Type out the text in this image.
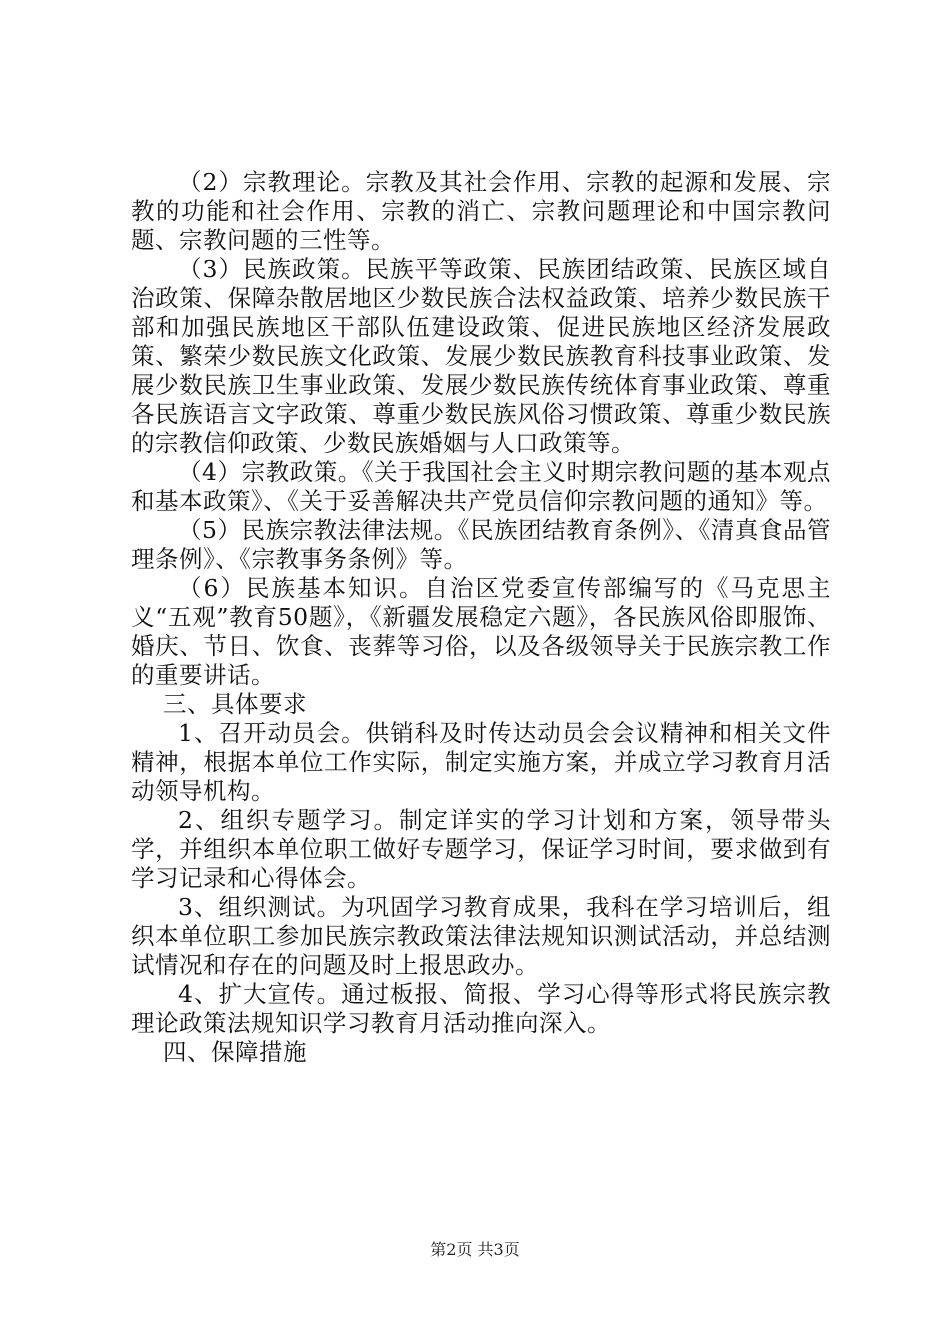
（2）宗教理论。宗教及其社会作用、宗教的起源和发展、宗教的功能和社会作用、宗教的消亡、宗教问题理论和中国宗教问题、宗教问题的三性等。

（3）民族政策。民族平等政策、民族团结政策、民族区域自治政策、保障杂散居地区少数民族合法权益政策、培养少数民族干部和加强民族地区干部队伍建设政策、促进民族地区经济发展政策、繁荣少数民族文化政策、发展少数民族教育科技事业政策、发展少数民族卫生事业政策、发展少数民族传统体育事业政策、尊重各民族语言文字政策、尊重少数民族风俗习惯政策、尊重少数民族的宗教信仰政策、少数民族婚姻与人口政策等。

（4）宗教政策。《关于我国社会主义时期宗教问题的基本观点和基本政策》、《关于妥善解决共产党员信仰宗教问题的通知》等。

（5）民族宗教法律法规。《民族团结教育条例》、《清真食品管理条例》、《宗教事务条例》等。

（6）民族基本知识。自治区党委宣传部编写的《马克思主义“五观”教育50题》，《新疆发展稳定六题》，各民族风俗即服饰、婚庆、节日、饮食、丧葬等习俗，以及各级领导关于民族宗教工作的重要讲话。

三、具体要求

1、召开动员会。供销科及时传达动员会会议精神和相关文件精神，根据本单位工作实际，制定实施方案，并成立学习教育月活动领导机构。

2、组织专题学习。制定详实的学习计划和方案，领导带头学，并组织本单位职工做好专题学习，保证学习时间，要求做到有学习记录和心得体会。

3、组织测试。为巩固学习教育成果，我科在学习培训后，组织本单位职工参加民族宗教政策法律法规知识测试活动，并总结测试情况和存在的问题及时上报思政办。

4、扩大宣传。通过板报、简报、学习心得等形式将民族宗教理论政策法规知识学习教育月活动推向深入。

四、保障措施

第2页 共3页
